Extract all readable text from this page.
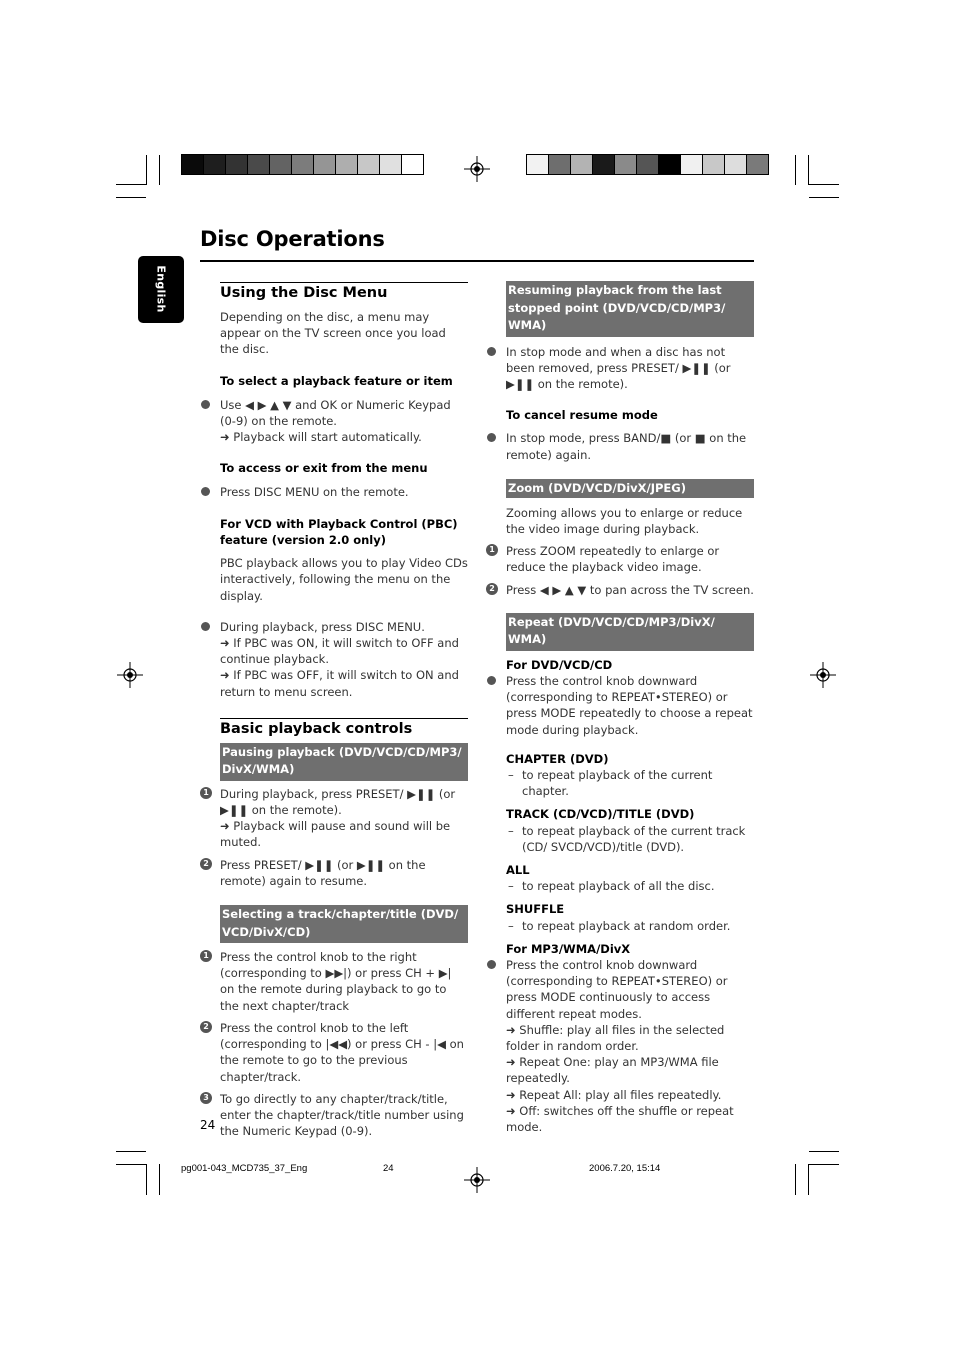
Disc Operations
English	Using the Disc Menu
Depending on the disc, a menu may appear on the TV screen once you load the disc.
To select a playback feature or item
Use ◀ ▶ ▲ ▼ and OK or Numeric Keypad (0-9) on the remote.
➜ Playback will start automatically.
To access or exit from the menu
Press DISC MENU on the remote.
For VCD with Playback Control (PBC) feature (version 2.0 only)
PBC playback allows you to play Video CDs interactively, following the menu on the display.
During playback, press DISC MENU.
➜ If PBC was ON, it will switch to OFF and continue playback.
➜ If PBC was OFF, it will switch to ON and return to menu screen.
Basic playback controls
Pausing playback (DVD/VCD/CD/MP3/ DivX/WMA)
1 During playback, press PRESET/ ▶❚❚ (or ▶❚❚ on the remote).
➜ Playback will pause and sound will be muted.
2 Press PRESET/ ▶❚❚ (or ▶❚❚ on the remote) again to resume.
Selecting a track/chapter/title (DVD/ VCD/DivX/CD)
1 Press the control knob to the right (corresponding to ▶▶|) or press CH + ▶| on the remote during playback to go to the next chapter/track
2 Press the control knob to the left (corresponding to |◀◀) or press CH - |◀ on the remote to go to the previous chapter/track.
3 To go directly to any chapter/track/title, enter the chapter/track/title number using the Numeric Keypad (0-9).
Resuming playback from the last stopped point (DVD/VCD/CD/MP3/ WMA)
In stop mode and when a disc has not been removed, press PRESET/ ▶❚❚ (or ▶❚❚ on the remote).
To cancel resume mode
In stop mode, press BAND/■ (or ■ on the remote) again.
Zoom (DVD/VCD/DivX/JPEG)
Zooming allows you to enlarge or reduce the video image during playback.
1 Press ZOOM repeatedly to enlarge or reduce the playback video image.
2 Press ◀ ▶ ▲ ▼ to pan across the TV screen.
Repeat (DVD/VCD/CD/MP3/DivX/ WMA)
For DVD/VCD/CD
Press the control knob downward (corresponding to REPEAT•STEREO) or press MODE repeatedly to choose a repeat mode during playback.
CHAPTER (DVD)
– to repeat playback of the current chapter.
TRACK (CD/VCD)/TITLE (DVD)
– to repeat playback of the current track (CD/ SVCD/VCD)/title (DVD).
ALL
– to repeat playback of all the disc.
SHUFFLE
– to repeat playback at random order.
For MP3/WMA/DivX
Press the control knob downward (corresponding to REPEAT•STEREO) or press MODE continuously to access different repeat modes.
➜ Shuffle: play all files in the selected folder in random order.
➜ Repeat One: play an MP3/WMA file repeatedly.
➜ Repeat All: play all files repeatedly.
➜ Off: switches off the shuffle or repeat mode.
24
pg001-043_MCD735_37_Eng	24	2006.7.20, 15:14
